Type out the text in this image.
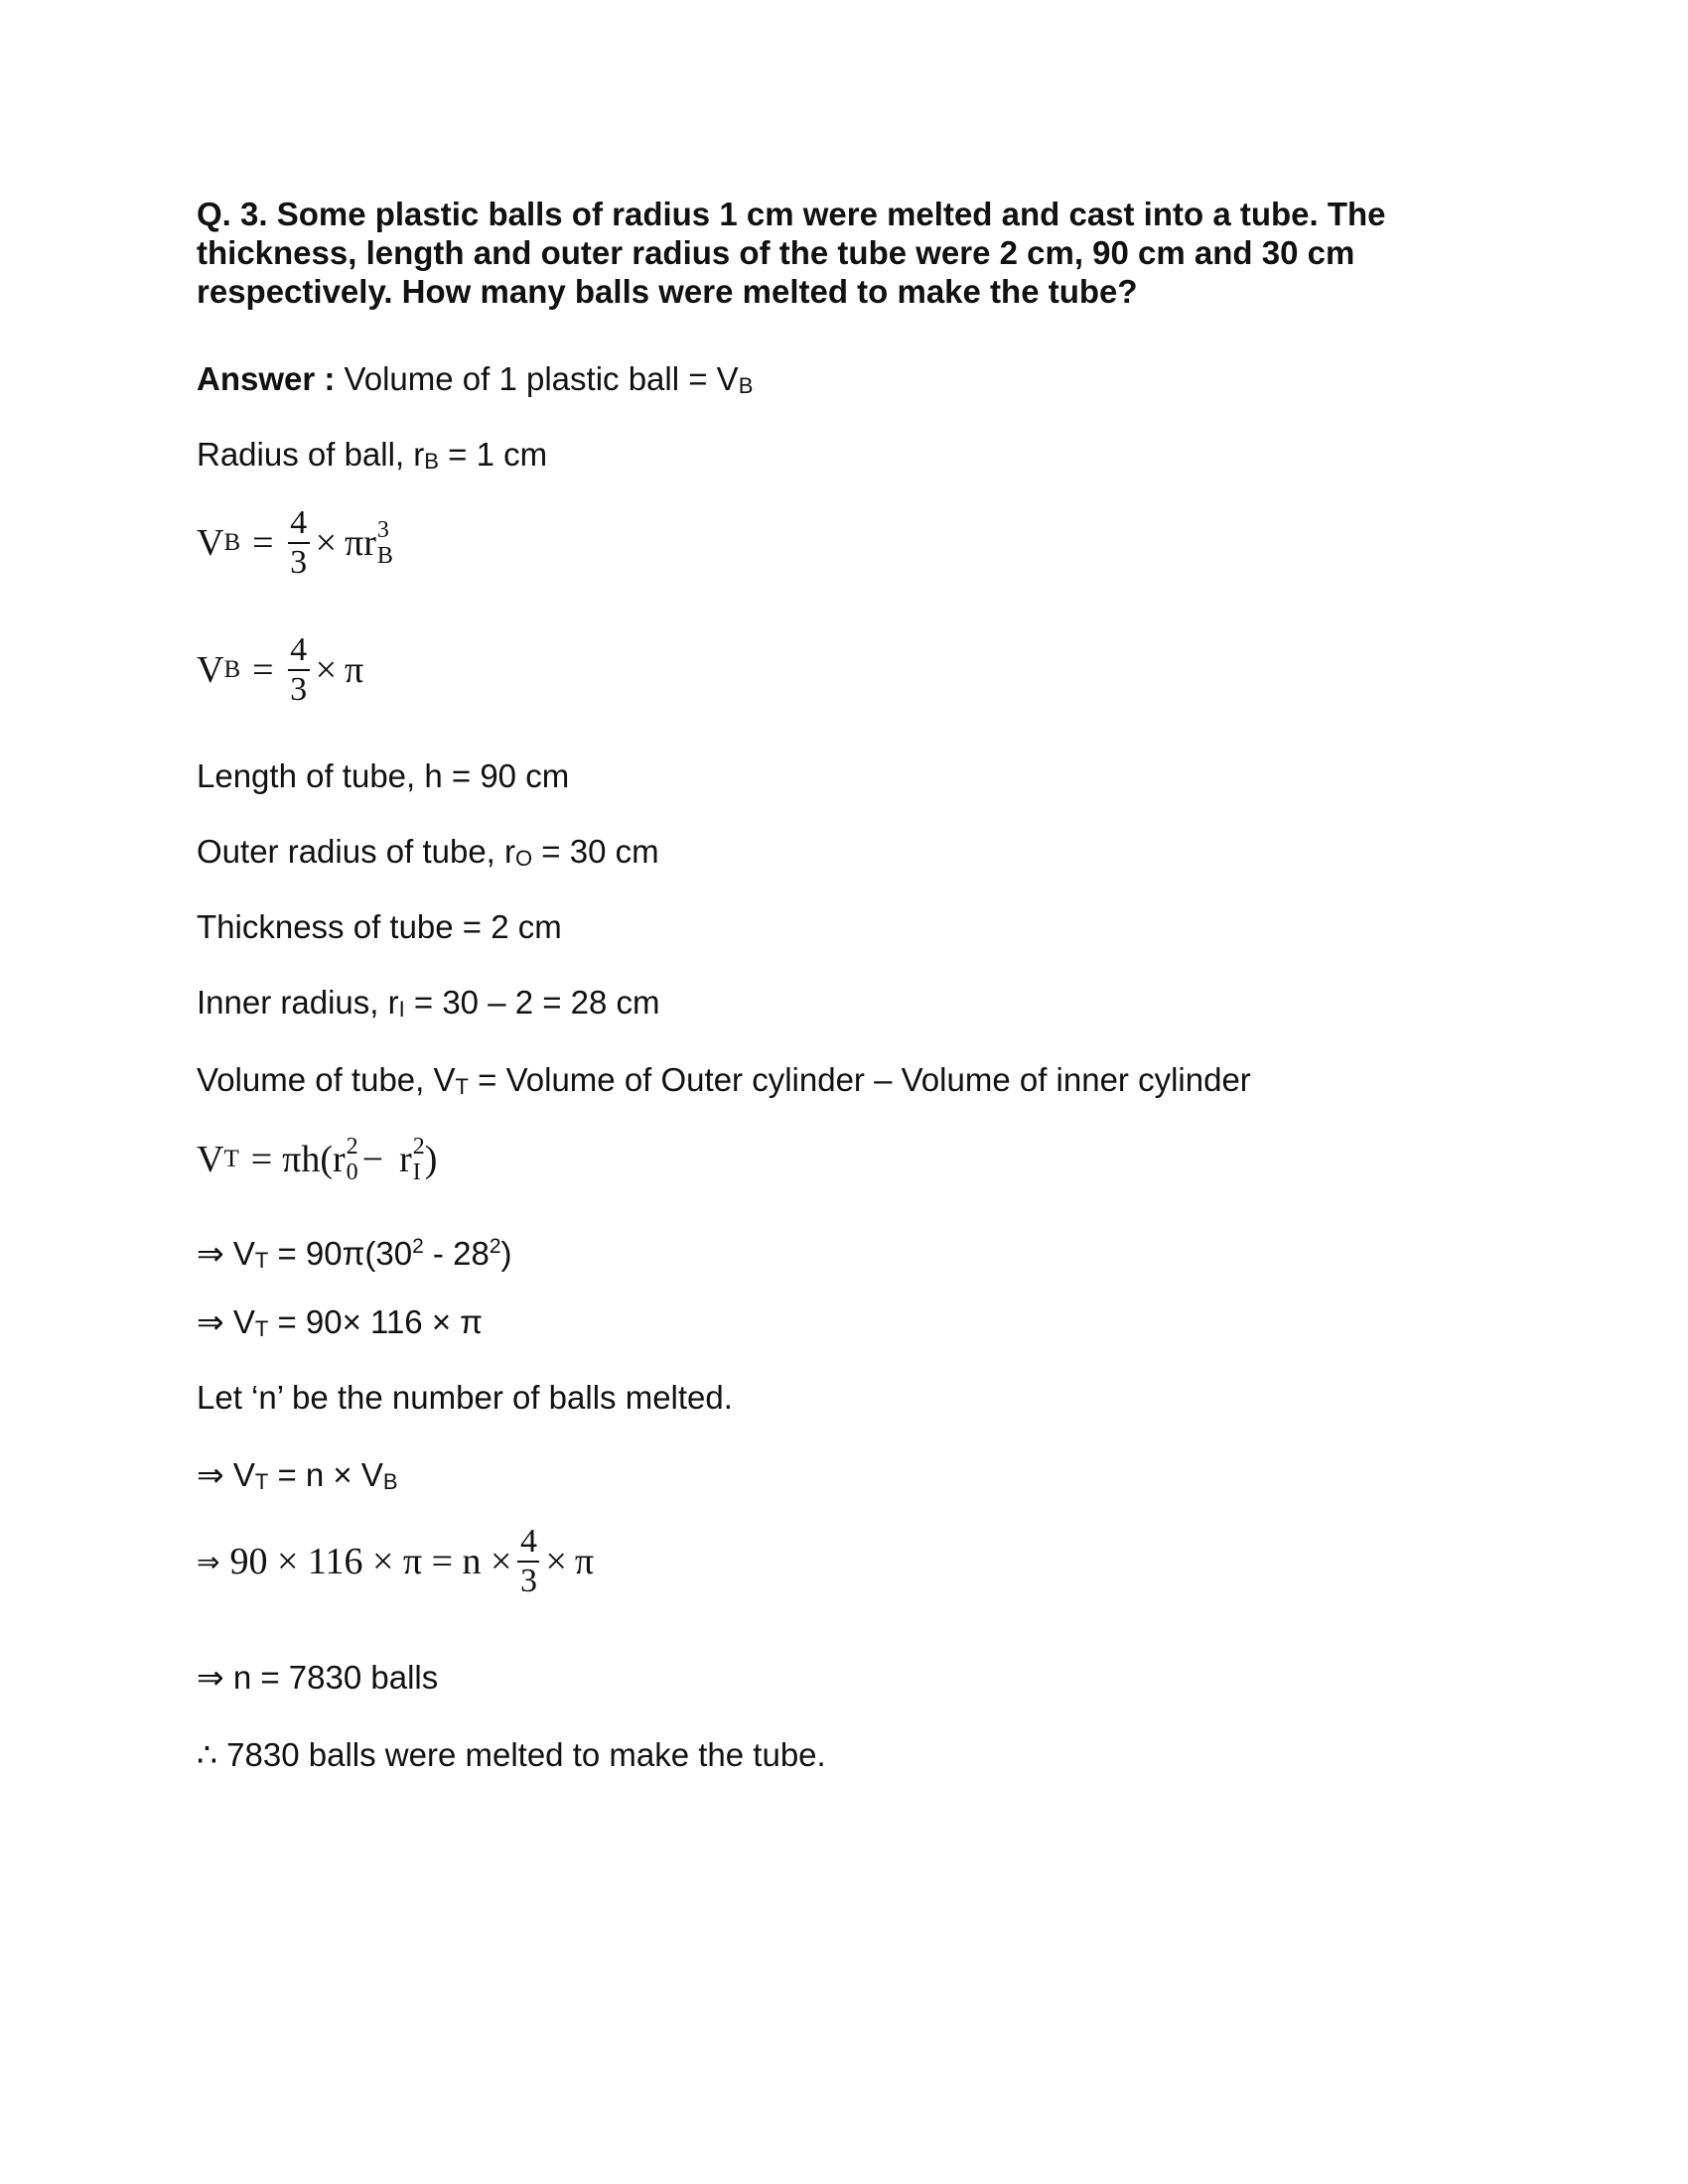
Q. 3. Some plastic balls of radius 1 cm were melted and cast into a tube. The thickness, length and outer radius of the tube were 2 cm, 90 cm and 30 cm respectively. How many balls were melted to make the tube?
Answer : Volume of 1 plastic ball = VB
Radius of ball, rB = 1 cm
V $B = \frac{4}{3} \times \pi$ r 3
B
V $B = \frac{4}{3} \times \pi$
Length of tube, h = 90 cm
Outer radius of tube, rO = 30 cm
Thickness of tube = 2 cm
Inner radius, rI = 30 – 2 = 28 cm
Volume of tube, VT = Volume of Outer cylinder – Volume of inner cylinder
V T = π h ( r 2
0 − r 2
I )
⇒ VT = $90\pi(30^2 - 28^2)$
⇒ VT = 90× 116 × π
Let ‘n’ be the number of balls melted.
⇒ VT = n × VB
⇒ $90 \times 116 \times \pi = n \times \frac{4}{3} \times \pi$
⇒ n = 7830 balls
∴ 7830 balls were melted to make the tube.
